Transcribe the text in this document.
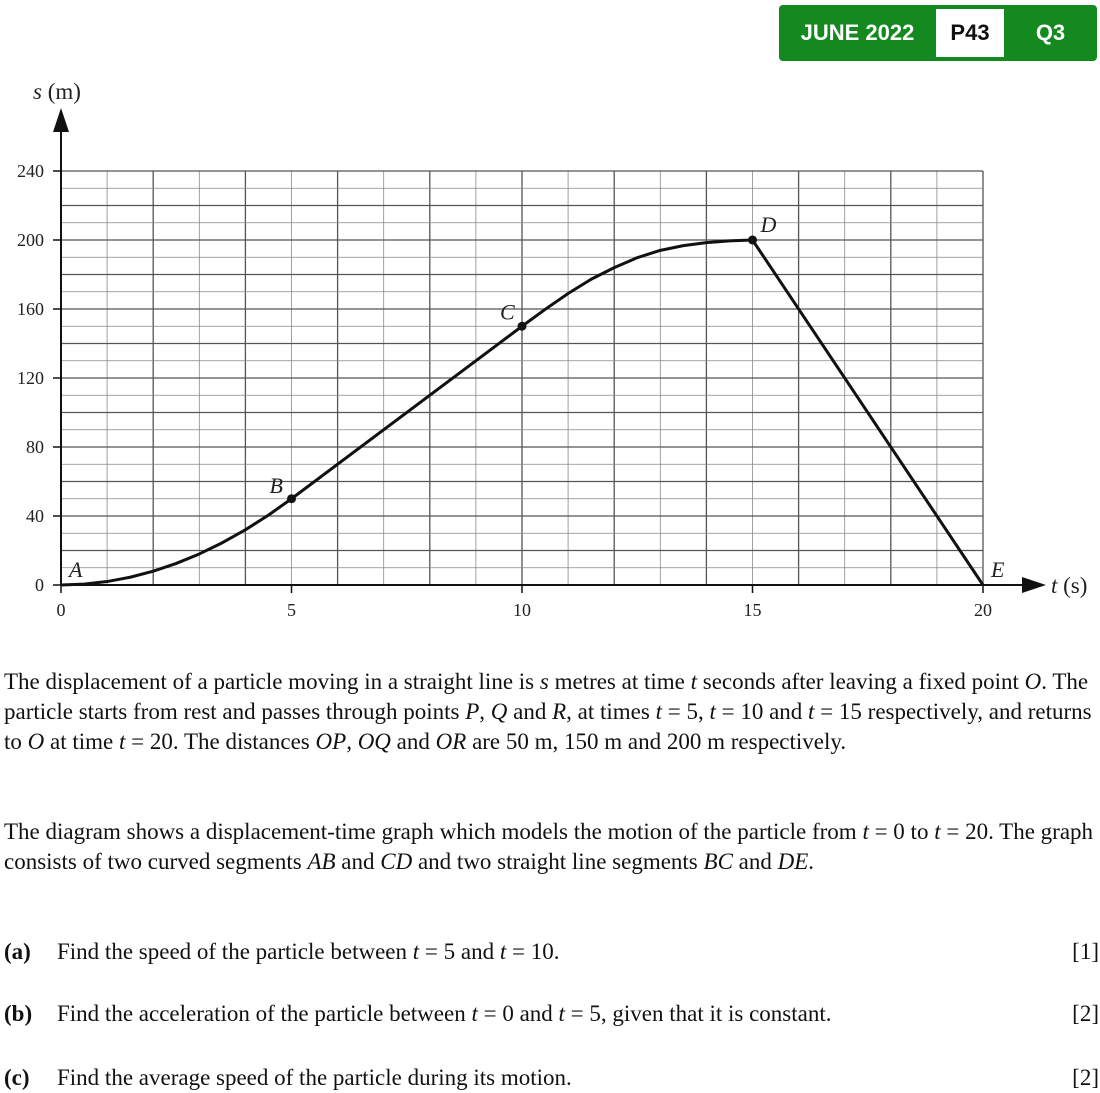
JUNE 2022	P43	Q3
0
40
80
120
160
200
240
0	5	10	15	20
s (m)
t (s)
A
B
C
D
E
The displacement of a particle moving in a straight line is s metres at time t seconds after leaving a fixed point O. The particle starts from rest and passes through points P, Q and R, at times t = 5, t = 10 and t = 15 respectively, and returns to O at time t = 20. The distances OP, OQ and OR are 50 m, 150 m and 200 m respectively.
The diagram shows a displacement-time graph which models the motion of the particle from t = 0 to t = 20. The graph consists of two curved segments AB and CD and two straight line segments BC and DE.
(a) Find the speed of the particle between t = 5 and t = 10.	[1]
(b) Find the acceleration of the particle between t = 0 and t = 5, given that it is constant.	[2]
(c) Find the average speed of the particle during its motion.	[2]
